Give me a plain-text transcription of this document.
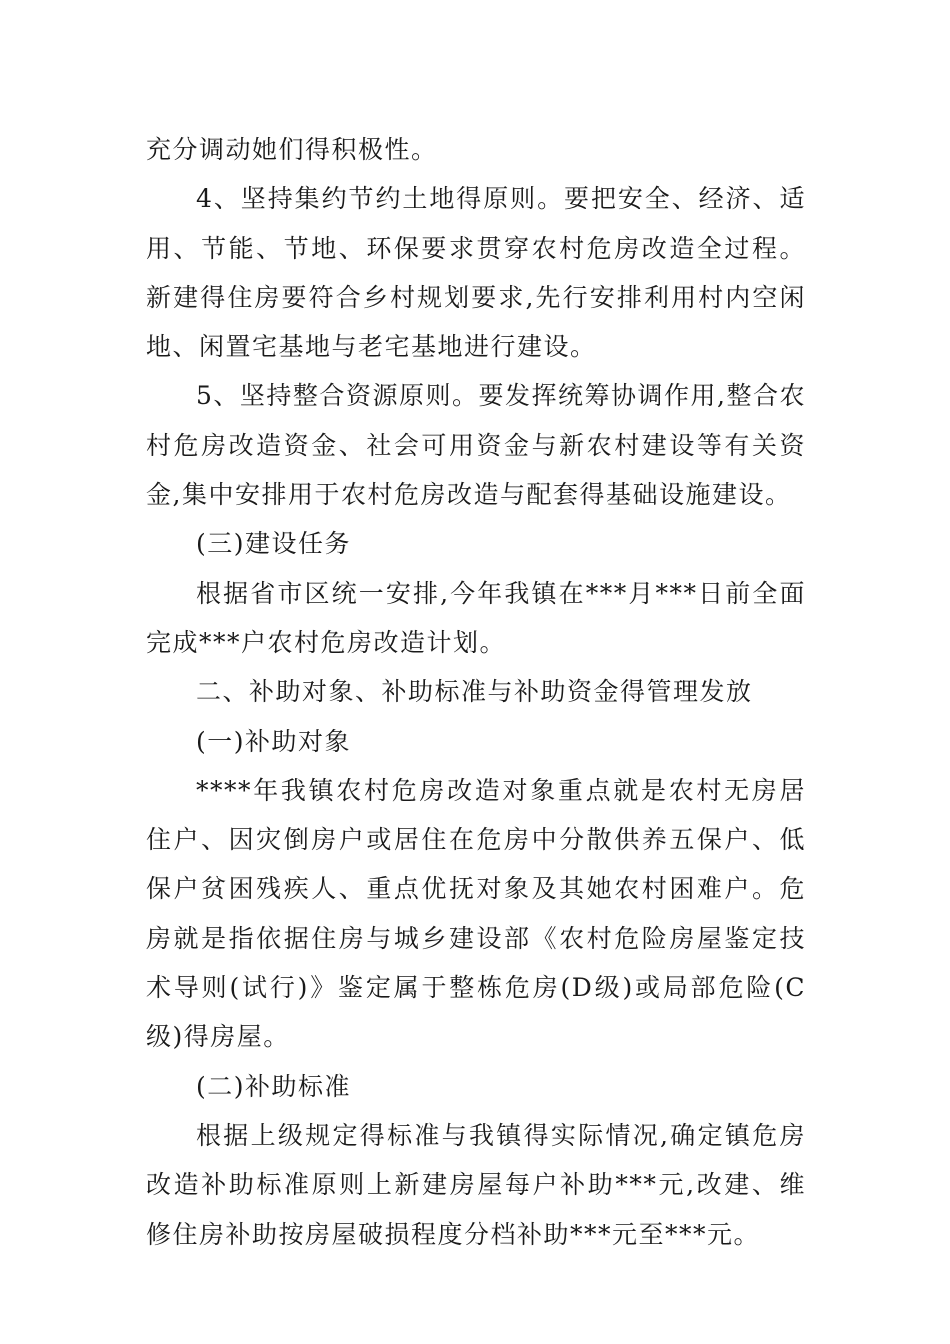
充分调动她们得积极性。

4、坚持集约节约土地得原则。要把安全、经济、适用、节能、节地、环保要求贯穿农村危房改造全过程。新建得住房要符合乡村规划要求,先行安排利用村内空闲地、闲置宅基地与老宅基地进行建设。

5、坚持整合资源原则。要发挥统筹协调作用,整合农村危房改造资金、社会可用资金与新农村建设等有关资金,集中安排用于农村危房改造与配套得基础设施建设。

(三)建设任务

根据省市区统一安排,今年我镇在***月***日前全面完成***户农村危房改造计划。

二、补助对象、补助标准与补助资金得管理发放

(一)补助对象

****年我镇农村危房改造对象重点就是农村无房居住户、因灾倒房户或居住在危房中分散供养五保户、低保户贫困残疾人、重点优抚对象及其她农村困难户。危房就是指依据住房与城乡建设部《农村危险房屋鉴定技术导则(试行)》鉴定属于整栋危房(D级)或局部危险(C级)得房屋。

(二)补助标准

根据上级规定得标准与我镇得实际情况,确定镇危房改造补助标准原则上新建房屋每户补助***元,改建、维修住房补助按房屋破损程度分档补助***元至***元。
